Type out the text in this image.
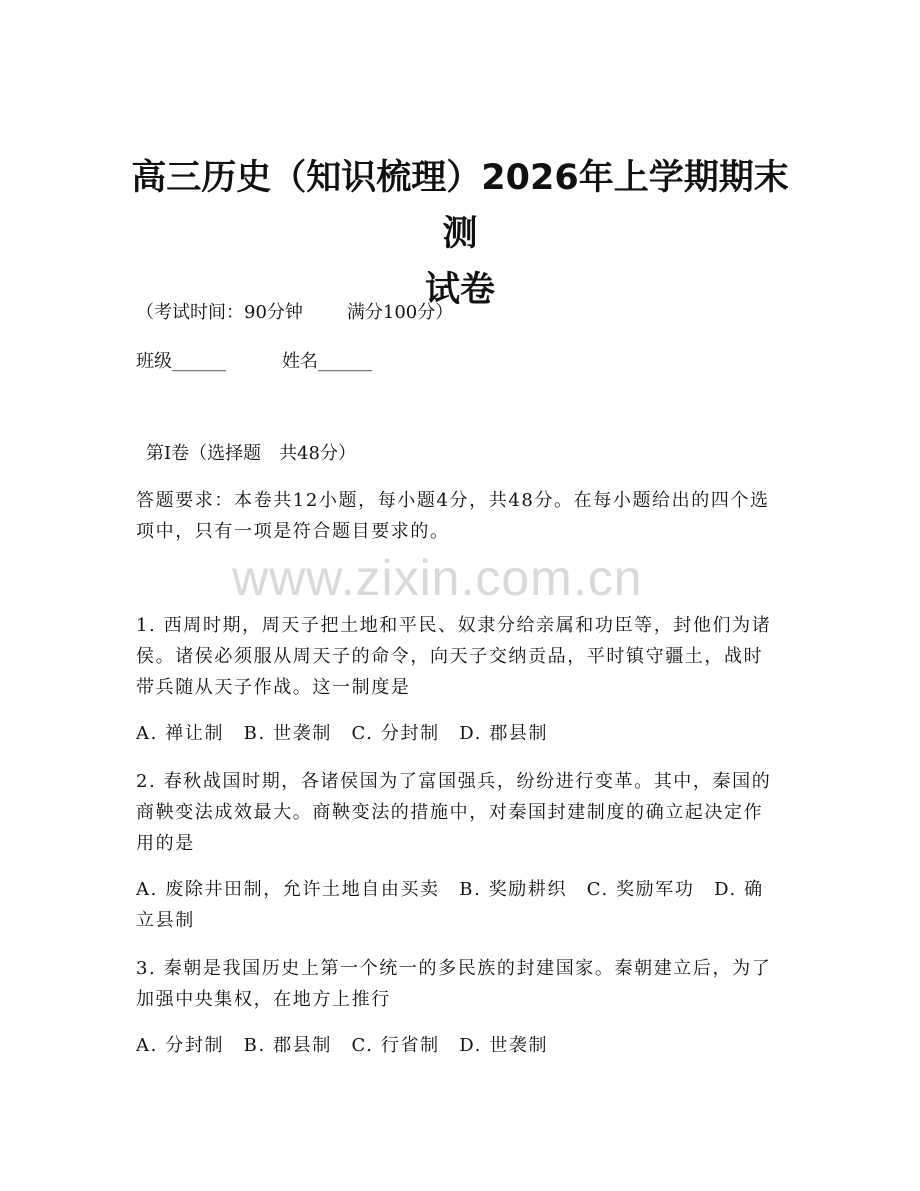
高三历史（知识梳理）2026年上学期期末测
试卷
（考试时间：90分钟 满分100分）
班级______	姓名______
第Ⅰ卷（选择题　共48分）
答题要求：本卷共12小题，每小题4分，共48分。在每小题给出的四个选项中，只有一项是符合题目要求的。
www.zixin.com.cn
1. 西周时期，周天子把土地和平民、奴隶分给亲属和功臣等，封他们为诸侯。诸侯必须服从周天子的命令，向天子交纳贡品，平时镇守疆土，战时带兵随从天子作战。这一制度是
A. 禅让制　B. 世袭制　C. 分封制　D. 郡县制
2. 春秋战国时期，各诸侯国为了富国强兵，纷纷进行变革。其中，秦国的商鞅变法成效最大。商鞅变法的措施中，对秦国封建制度的确立起决定作用的是
A. 废除井田制，允许土地自由买卖　B. 奖励耕织　C. 奖励军功　D. 确立县制
3. 秦朝是我国历史上第一个统一的多民族的封建国家。秦朝建立后，为了加强中央集权，在地方上推行
A. 分封制　B. 郡县制　C. 行省制　D. 世袭制
